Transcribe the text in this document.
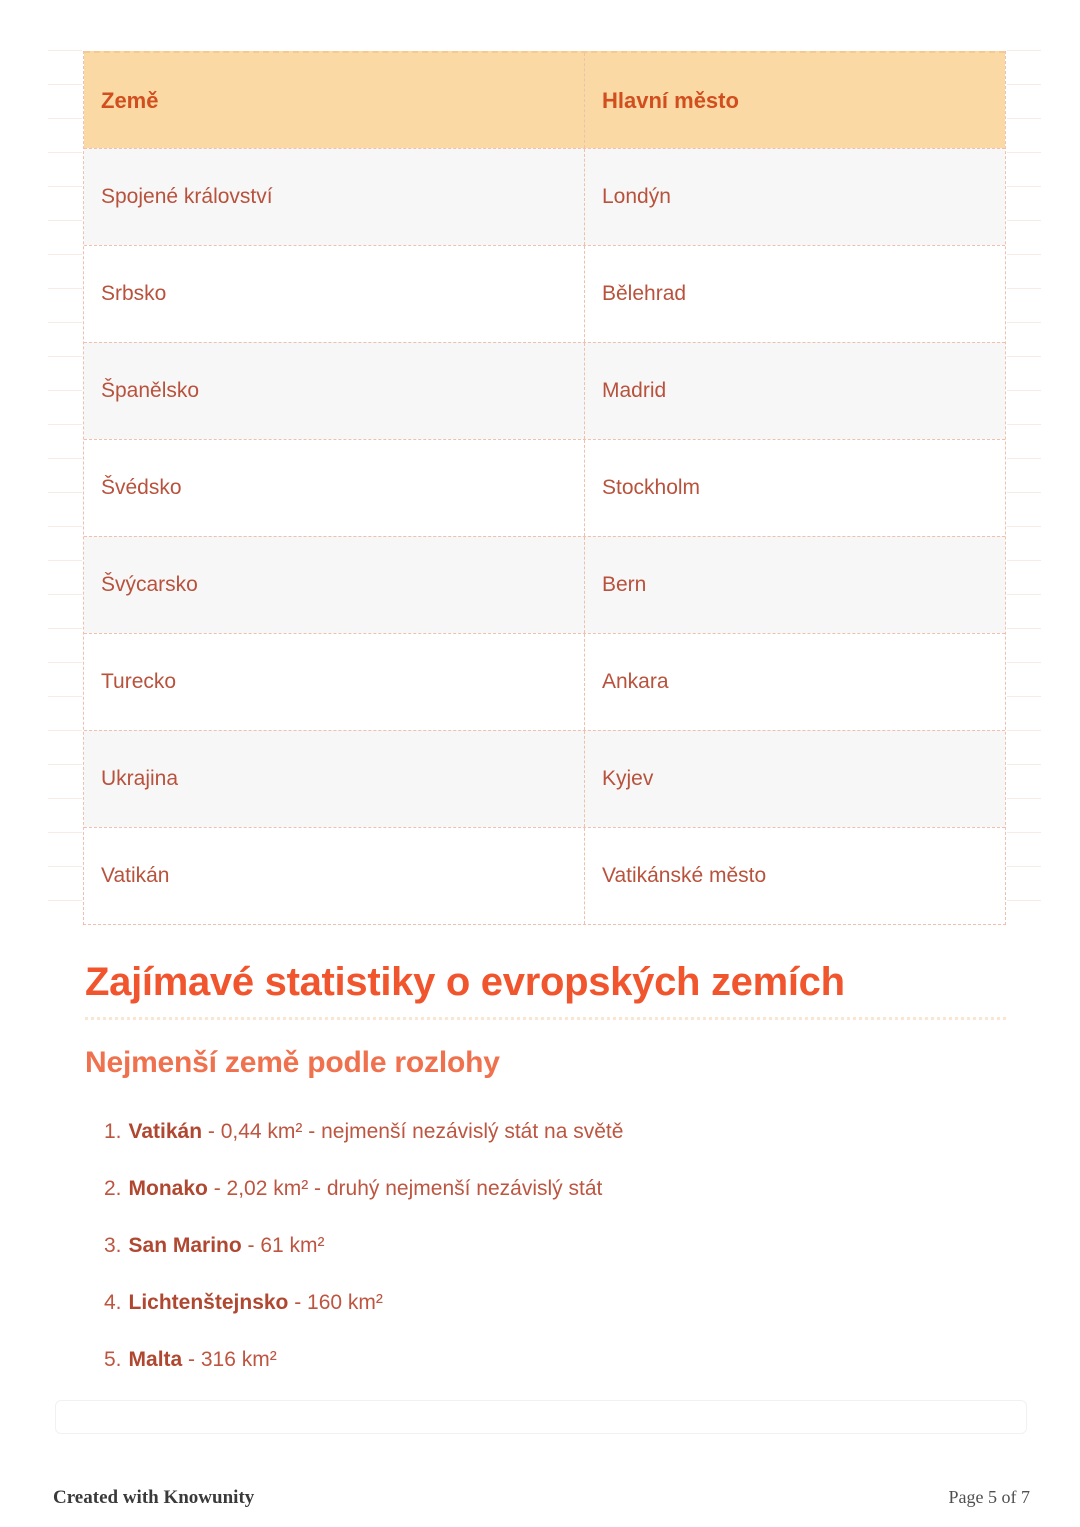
Země	Hlavní město
Spojené království	Londýn
Srbsko	Bělehrad
Španělsko	Madrid
Švédsko	Stockholm
Švýcarsko	Bern
Turecko	Ankara
Ukrajina	Kyjev
Vatikán	Vatikánské město
Zajímavé statistiky o evropských zemích
Nejmenší země podle rozlohy
1. Vatikán - 0,44 km² - nejmenší nezávislý stát na světě
2. Monako - 2,02 km² - druhý nejmenší nezávislý stát
3. San Marino - 61 km²
4. Lichtenštejnsko - 160 km²
5. Malta - 316 km²
Created with Knowunity	Page 5 of 7
